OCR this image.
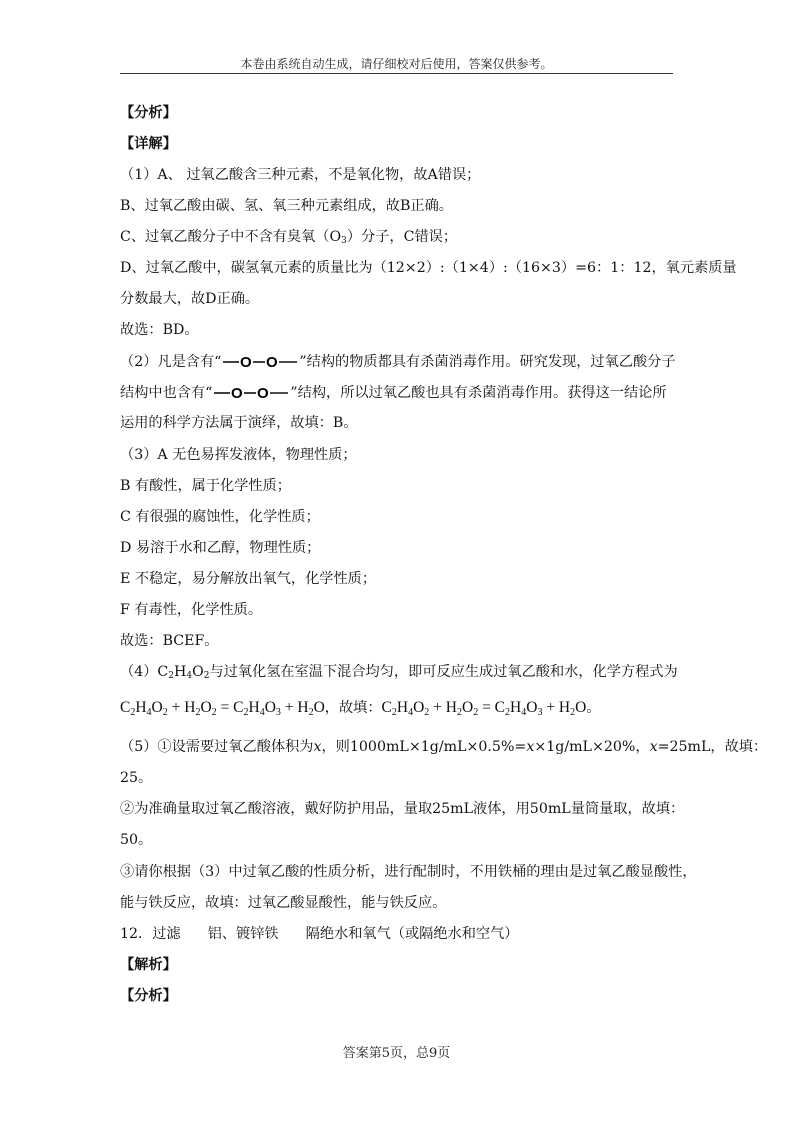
本卷由系统自动生成，请仔细校对后使用，答案仅供参考。
【分析】
【详解】
（1）A、 过氧乙酸含三种元素，不是氧化物，故A错误；
B、过氧乙酸由碳、氢、氧三种元素组成，故B正确。
C、过氧乙酸分子中不含有臭氧$(O_3)$分子，C错误；
D、过氧乙酸中，碳氢氧元素的质量比为（12×2）:（1×4）:（16×3）=6：1：12，氧元素质量
分数最大，故D正确。
故选：BD。
（2）凡是含有“ O O ”结构的物质都具有杀菌消毒作用。研究发现，过氧乙酸分子
结构中也含有“ O O ”结构，所以过氧乙酸也具有杀菌消毒作用。获得这一结论所
运用的科学方法属于演绎，故填：B。
（3）A 无色易挥发液体，物理性质；
B 有酸性，属于化学性质；
C 有很强的腐蚀性，化学性质；
D 易溶于水和乙醇，物理性质；
E 不稳定，易分解放出氧气，化学性质；
F 有毒性，化学性质。
故选：BCEF。
$(4)C_2H_4O_2$与过氧化氢在室温下混合均匀，即可反应生成过氧乙酸和水，化学方程式为
$C_2H_4O_2 + H_2O_2 = C_2H_4O_3 + H_2O$，故填：$C_2H_4O_2 + H_2O_2 = C_2H_4O_3 + H_2O$。
（5）①设需要过氧乙酸体积为x，则1000mL×1g/mL×0.5%=x×1g/mL×20%，x=25mL，故填：
25。
②为准确量取过氧乙酸溶液，戴好防护用品，量取25mL液体，用50mL量筒量取，故填：
50。
③请你根据（3）中过氧乙酸的性质分析，进行配制时，不用铁桶的理由是过氧乙酸显酸性，
能与铁反应，故填：过氧乙酸显酸性，能与铁反应。
12．过滤      铝、镀锌铁      隔绝水和氧气（或隔绝水和空气）
【解析】
【分析】
答案第5页，总9页
